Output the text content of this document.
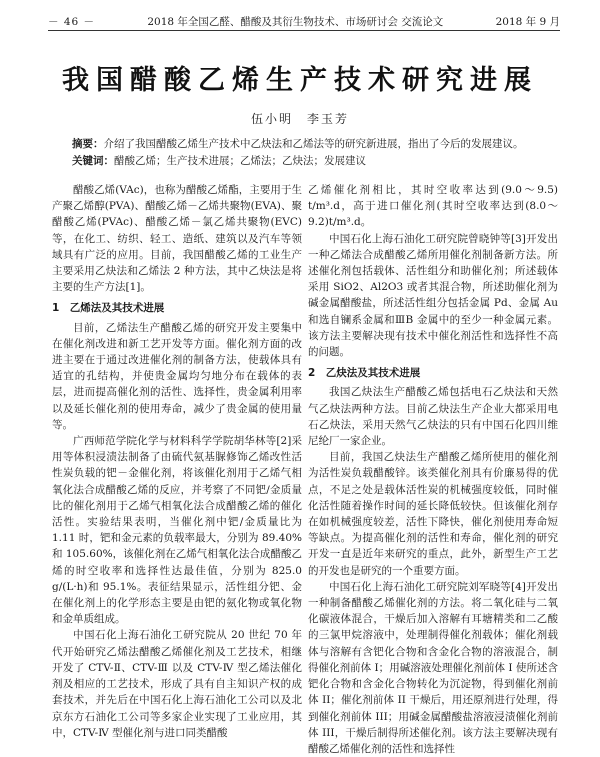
－ 46 －	2018 年全国乙醛、醋酸及其衍生物技术、市场研讨会 交流论文	2018 年 9 月
我国醋酸乙烯生产技术研究进展
伍小明　李玉芳
摘要：介绍了我国醋酸乙烯生产技术中乙炔法和乙烯法等的研究新进展，指出了今后的发展建议。
关键词：醋酸乙烯；生产技术进展；乙烯法；乙炔法；发展建议

醋酸乙烯(VAc)，也称为醋酸乙烯酯，主要用于生产聚乙烯醇(PVA)、醋酸乙烯－乙烯共聚物(EVA)、聚醋酸乙烯(PVAc)、醋酸乙烯－氯乙烯共聚物(EVC)等，在化工、纺织、轻工、造纸、建筑以及汽车等领域具有广泛的应用。目前，我国醋酸乙烯的工业生产主要采用乙炔法和乙烯法 2 种方法，其中乙炔法是将主要的生产方法[1]。

1　乙烯法及其技术进展

目前，乙烯法生产醋酸乙烯的研究开发主要集中在催化剂改进和新工艺开发等方面。催化剂方面的改进主要在于通过改进催化剂的制备方法，使载体具有适宜的孔结构，并使贵金属均匀地分布在载体的表层，进而提高催化剂的活性、选择性，贵金属利用率以及延长催化剂的使用寿命，减少了贵金属的使用量等。

广西师范学院化学与材料科学学院胡华林等[2]采用等体积浸渍法制备了由硫代氨基脲修饰乙烯改性活性炭负载的钯－金催化剂，将该催化剂用于乙烯气相氧化法合成醋酸乙烯的反应，并考察了不同钯/金质量比的催化剂用于乙烯气相氧化法合成醋酸乙烯的催化活性。实验结果表明，当催化剂中钯/金质量比为 1.11 时，钯和金元素的负载率最大，分别为 89.40%和 105.60%，该催化剂在乙烯气相氧化法合成醋酸乙烯的时空收率和选择性达最佳值，分别为 825.0 g/(L·h)和 95.1%。表征结果显示，活性组分钯、金在催化剂上的化学形态主要是由钯的氨化物或氧化物和金单质组成。

中国石化上海石油化工研究院从 20 世纪 70 年代开始研究乙烯法醋酸乙烯催化剂及工艺技术，相继开发了 CTV-Ⅱ、CTV-Ⅲ 以及 CTV-Ⅳ 型乙烯法催化剂及相应的工艺技术，形成了具有自主知识产权的成套技术，并先后在中国石化上海石油化工公司以及北京东方石油化工公司等多家企业实现了工业应用，其中，CTV-Ⅳ 型催化剂与进口同类醋酸

乙烯催化剂相比，其时空收率达到(9.0～9.5) t/m³.d，高于进口催化剂(其时空收率达到(8.0～9.2)t/m³.d。

中国石化上海石油化工研究院曾晓钟等[3]开发出一种乙烯法合成醋酸乙烯所用催化剂制备新方法。所述催化剂包括载体、活性组分和助催化剂；所述载体采用 SiO2、Al2O3 或者其混合物，所述助催化剂为碱金属醋酸盐，所述活性组分包括金属 Pd、金属 Au 和选自镧系金属和ⅢB 金属中的至少一种金属元素。该方法主要解决现有技术中催化剂活性和选择性不高的问题。

2　乙炔法及其技术进展

我国乙炔法生产醋酸乙烯包括电石乙炔法和天然气乙炔法两种方法。目前乙炔法生产企业大都采用电石乙炔法，采用天然气乙炔法的只有中国石化四川维尼纶厂一家企业。

目前，我国乙炔法生产醋酸乙烯所使用的催化剂为活性炭负载醋酸锌。该类催化剂具有价廉易得的优点，不足之处是载体活性炭的机械强度较低，同时催化活性随着操作时间的延长降低较快。但该催化剂存在如机械强度较差，活性下降快，催化剂使用寿命短等缺点。为提高催化剂的活性和寿命，催化剂的研究开发一直是近年来研究的重点，此外，新型生产工艺的开发也是研究的一个重要方面。

中国石化上海石油化工研究院刘军晓等[4]开发出一种制备醋酸乙烯催化剂的方法。将二氧化硅与二氧化碳液体混合，干燥后加入溶解有耳塘精类和二乙酸的三氯甲烷溶液中，处理制得催化剂载体；催化剂载体与溶解有含钯化合物和含金化合物的溶液混合，制得催化剂前体 I；用碱溶液处理催化剂前体 I 使所述含钯化合物和含金化合物转化为沉淀物，得到催化剂前体 II；催化剂前体 II 干燥后，用还原剂进行处理，得到催化剂前体 III；用碱金属醋酸盐溶液浸渍催化剂前体 III，干燥后制得所述催化剂。该方法主要解决现有醋酸乙烯催化剂的活性和选择性
